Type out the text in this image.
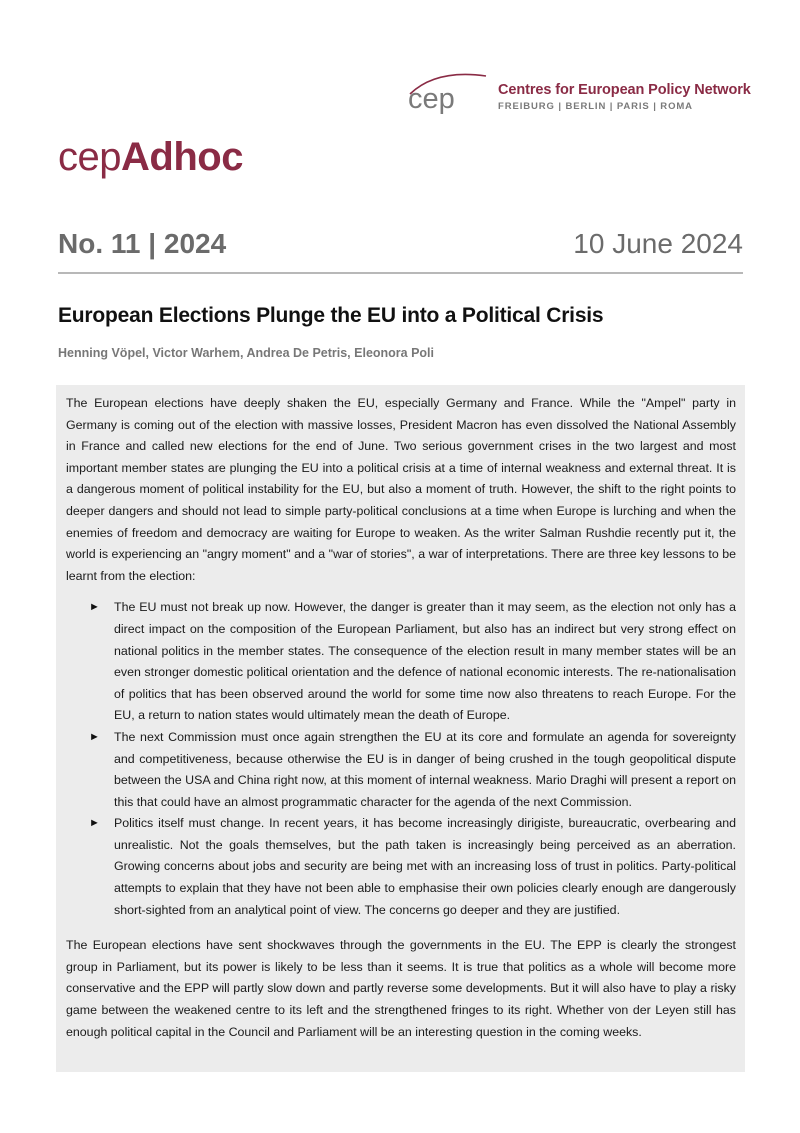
cep	Centres for European Policy Network
FREIBURG | BERLIN | PARIS | ROMA
cepAdhoc
No. 11 | 2024	10 June 2024
European Elections Plunge the EU into a Political Crisis
Henning Vöpel, Victor Warhem, Andrea De Petris, Eleonora Poli

The European elections have deeply shaken the EU, especially Germany and France. While the "Ampel" party in Germany is coming out of the election with massive losses, President Macron has even dissolved the National Assembly in France and called new elections for the end of June. Two serious government crises in the two largest and most important member states are plunging the EU into a political crisis at a time of internal weakness and external threat. It is a dangerous moment of political instability for the EU, but also a moment of truth. However, the shift to the right points to deeper dangers and should not lead to simple party-political conclusions at a time when Europe is lurching and when the enemies of freedom and democracy are waiting for Europe to weaken. As the writer Salman Rushdie recently put it, the world is experiencing an "angry moment" and a "war of stories", a war of interpretations. There are three key lessons to be learnt from the election:

► The EU must not break up now. However, the danger is greater than it may seem, as the election not only has a direct impact on the composition of the European Parliament, but also has an indirect but very strong effect on national politics in the member states. The consequence of the election result in many member states will be an even stronger domestic political orientation and the defence of national economic interests. The re-nationalisation of politics that has been observed around the world for some time now also threatens to reach Europe. For the EU, a return to nation states would ultimately mean the death of Europe.
► The next Commission must once again strengthen the EU at its core and formulate an agenda for sovereignty and competitiveness, because otherwise the EU is in danger of being crushed in the tough geopolitical dispute between the USA and China right now, at this moment of internal weakness. Mario Draghi will present a report on this that could have an almost programmatic character for the agenda of the next Commission.
► Politics itself must change. In recent years, it has become increasingly dirigiste, bureaucratic, overbearing and unrealistic. Not the goals themselves, but the path taken is increasingly being perceived as an aberration. Growing concerns about jobs and security are being met with an increasing loss of trust in politics. Party-political attempts to explain that they have not been able to emphasise their own policies clearly enough are dangerously short-sighted from an analytical point of view. The concerns go deeper and they are justified.

The European elections have sent shockwaves through the governments in the EU. The EPP is clearly the strongest group in Parliament, but its power is likely to be less than it seems. It is true that politics as a whole will become more conservative and the EPP will partly slow down and partly reverse some developments. But it will also have to play a risky game between the weakened centre to its left and the strengthened fringes to its right. Whether von der Leyen still has enough political capital in the Council and Parliament will be an interesting question in the coming weeks.
